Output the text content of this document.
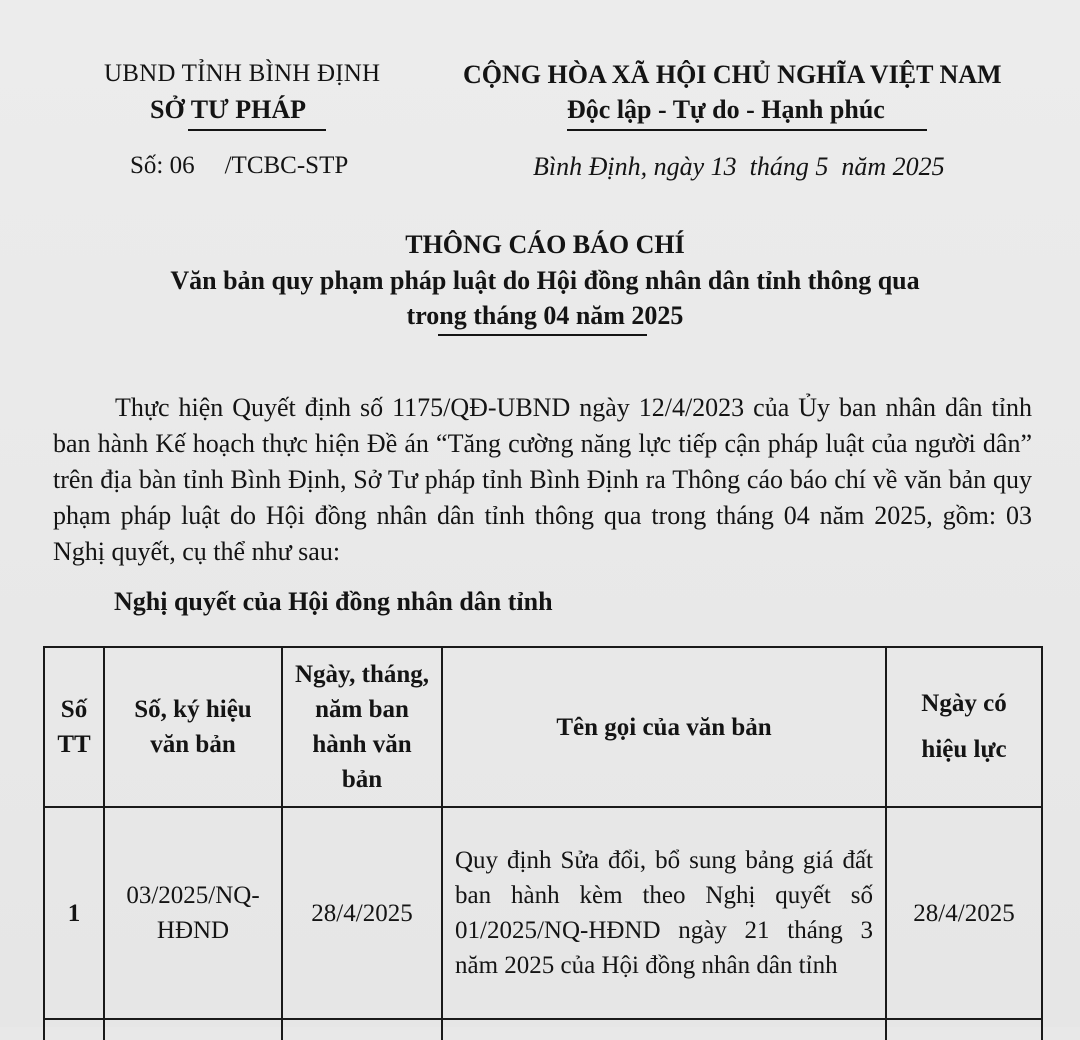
UBND TỈNH BÌNH ĐỊNH
SỞ TƯ PHÁP
CỘNG HÒA XÃ HỘI CHỦ NGHĨA VIỆT NAM
Độc lập - Tự do - Hạnh phúc
Số: 06 /TCBC-STP	Bình Định, ngày 13  tháng 5  năm 2025
THÔNG CÁO BÁO CHÍ
Văn bản quy phạm pháp luật do Hội đồng nhân dân tỉnh thông qua
trong tháng 04 năm 2025
Thực hiện Quyết định số 1175/QĐ-UBND ngày 12/4/2023 của Ủy ban nhân dân tỉnh ban hành Kế hoạch thực hiện Đề án “Tăng cường năng lực tiếp cận pháp luật của người dân” trên địa bàn tỉnh Bình Định, Sở Tư pháp tỉnh Bình Định ra Thông cáo báo chí về văn bản quy phạm pháp luật do Hội đồng nhân dân tỉnh thông qua trong tháng 04 năm 2025, gồm: 03 Nghị quyết, cụ thể như sau:
Nghị quyết của Hội đồng nhân dân tỉnh
Số TT	Số, ký hiệu văn bản	Ngày, tháng, năm ban hành văn bản	Tên gọi của văn bản	Ngày có hiệu lực
1	03/2025/NQ-HĐND	28/4/2025	Quy định Sửa đổi, bổ sung bảng giá đất ban hành kèm theo Nghị quyết số 01/2025/NQ-HĐND ngày 21 tháng 3 năm 2025 của Hội đồng nhân dân tỉnh	28/4/2025
